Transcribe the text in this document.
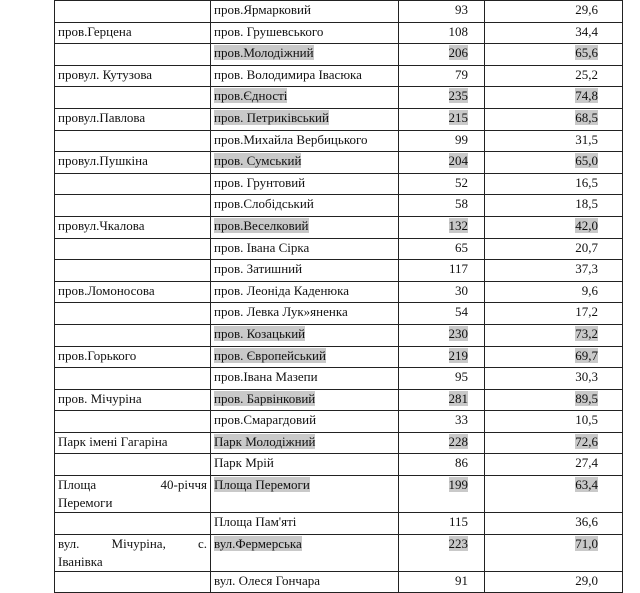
	пров.Ярмарковий	93	29,6
пров.Герцена	пров. Грушевського	108	34,4
	пров.Молодіжний	206	65,6
провул. Кутузова	пров. Володимира Івасюка	79	25,2
	пров.Єдності	235	74,8
провул.Павлова	пров. Петриківський	215	68,5
	пров.Михайла Вербицького	99	31,5
провул.Пушкіна	пров. Сумський	204	65,0
	пров. Грунтовий	52	16,5
	пров.Слобідський	58	18,5
провул.Чкалова	пров.Веселковий	132	42,0
	пров. Івана Сірка	65	20,7
	пров. Затишний	117	37,3
пров.Ломоносова	пров. Леоніда Каденюка	30	9,6
	пров. Левка Лук»яненка	54	17,2
	пров. Козацький	230	73,2
пров.Горького	пров. Європейський	219	69,7
	пров.Івана Мазепи	95	30,3
пров. Мічуріна	пров. Барвінковий	281	89,5
	пров.Смарагдовий	33	10,5
Парк імені Гагаріна	Парк Молодіжний	228	72,6
	Парк Мрій	86	27,4

Площа 40-річчя
Перемоги	Площа Перемоги	199	63,4
	Площа Пам'яті	115	36,6

вул. Мічуріна, с.
Іванівка	вул.Фермерська	223	71,0
	вул. Олеся Гончара	91	29,0
